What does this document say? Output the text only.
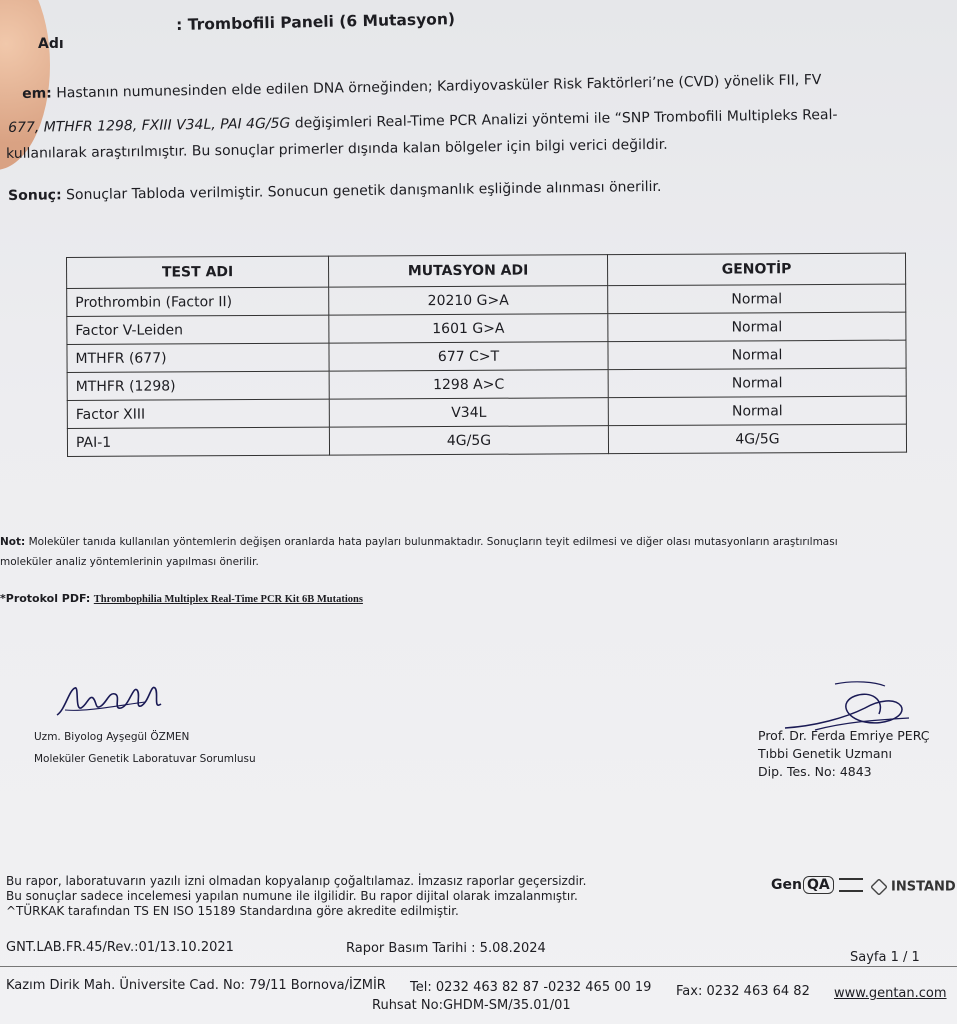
Adı
: Trombofili Paneli (6 Mutasyon)
em: Hastanın numunesinden elde edilen DNA örneğinden; Kardiyovasküler Risk Faktörleri’ne (CVD) yönelik FII, FV
677, MTHFR 1298, FXIII V34L, PAI 4G/5G değişimleri Real-Time PCR Analizi yöntemi ile “SNP Trombofili Multipleks Real-
kullanılarak araştırılmıştır. Bu sonuçlar primerler dışında kalan bölgeler için bilgi verici değildir.
Sonuç: Sonuçlar Tabloda verilmiştir. Sonucun genetik danışmanlık eşliğinde alınması önerilir.
TEST ADI	MUTASYON ADI	GENOTİP
Prothrombin (Factor II)	20210 G>A	Normal
Factor V-Leiden	1601 G>A	Normal
MTHFR (677)	677 C>T	Normal
MTHFR (1298)	1298 A>C	Normal
Factor XIII	V34L	Normal
PAI-1	4G/5G	4G/5G
Not: Moleküler tanıda kullanılan yöntemlerin değişen oranlarda hata payları bulunmaktadır. Sonuçların teyit edilmesi ve diğer olası mutasyonların araştırılması
moleküler analiz yöntemlerinin yapılması önerilir.
*Protokol PDF: Thrombophilia Multiplex Real-Time PCR Kit 6B Mutations
Uzm. Biyolog Ayşegül ÖZMEN
Moleküler Genetik Laboratuvar Sorumlusu
Prof. Dr. Ferda Emriye PERÇ
Tıbbi Genetik Uzmanı
Dip. Tes. No: 4843
Bu rapor, laboratuvarın yazılı izni olmadan kopyalanıp çoğaltılamaz. İmzasız raporlar geçersizdir.
Bu sonuçlar sadece incelemesi yapılan numune ile ilgilidir. Bu rapor dijital olarak imzalanmıştır.
^TÜRKAK tarafından TS EN ISO 15189 Standardına göre akredite edilmiştir.
Gen QA	INSTAND
GNT.LAB.FR.45/Rev.:01/13.10.2021	Rapor Basım Tarihi : 5.08.2024
Sayfa 1 / 1
Kazım Dirik Mah. Üniversite Cad. No: 79/11 Bornova/İZMİR Tel: 0232 463 82 87 -0232 465 00 19 Fax: 0232 463 64 82 www.gentan.com
Ruhsat No:GHDM-SM/35.01/01
